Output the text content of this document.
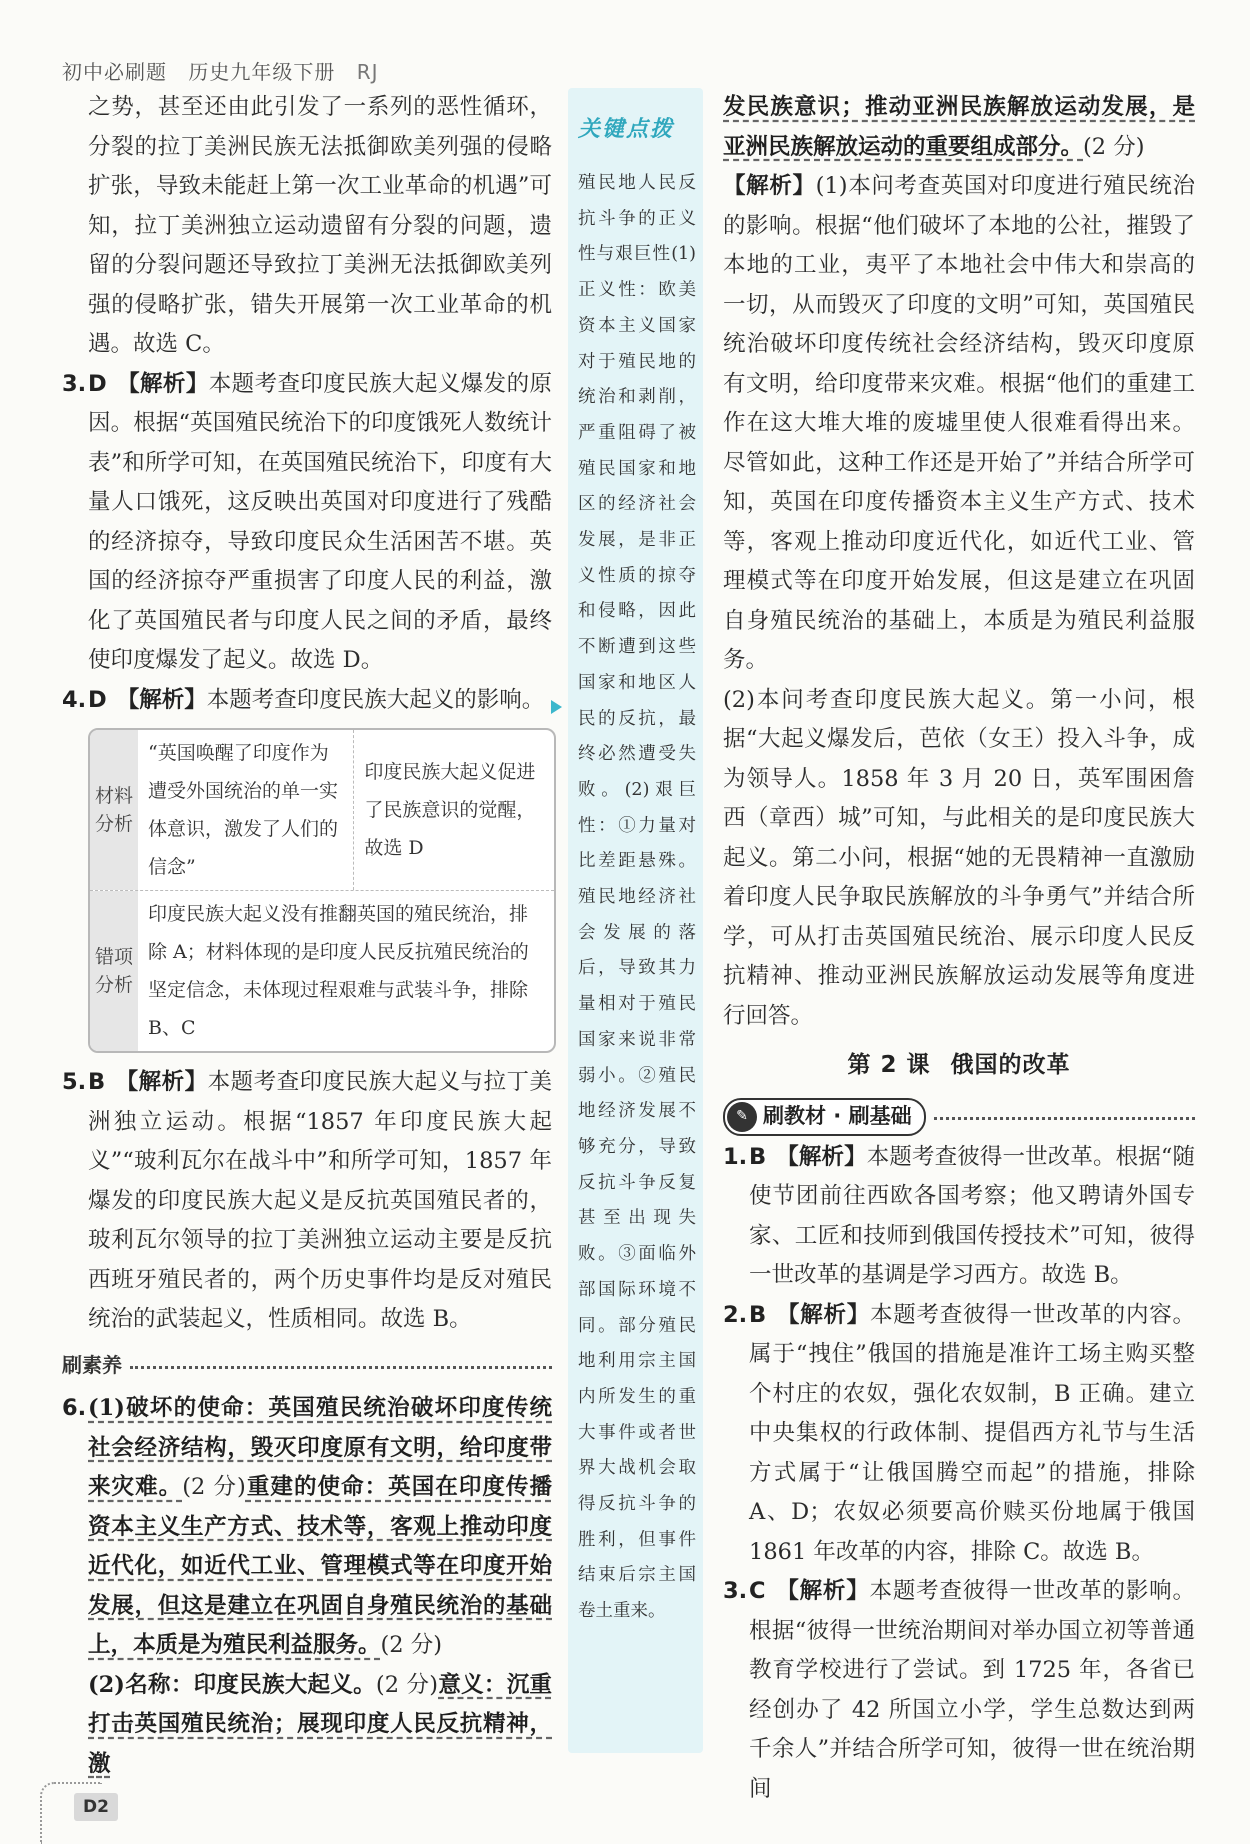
初中必刷题 历史九年级下册 RJ

之势，甚至还由此引发了一系列的恶性循环，分裂的拉丁美洲民族无法抵御欧美列强的侵略扩张，导致未能赶上第一次工业革命的机遇”可知，拉丁美洲独立运动遗留有分裂的问题，遗留的分裂问题还导致拉丁美洲无法抵御欧美列强的侵略扩张，错失开展第一次工业革命的机遇。故选 C。

3.D 【解析】本题考查印度民族大起义爆发的原因。根据“英国殖民统治下的印度饿死人数统计表”和所学可知，在英国殖民统治下，印度有大量人口饿死，这反映出英国对印度进行了残酷的经济掠夺，导致印度民众生活困苦不堪。英国的经济掠夺严重损害了印度人民的利益，激化了英国殖民者与印度人民之间的矛盾，最终使印度爆发了起义。故选 D。

4.D 【解析】本题考查印度民族大起义的影响。

材料分析
“英国唤醒了印度作为遭受外国统治的单一实体意识，激发了人们的信念”
印度民族大起义促进了民族意识的觉醒，故选 D
错项分析
印度民族大起义没有推翻英国的殖民统治，排除 A；材料体现的是印度人民反抗殖民统治的坚定信念，未体现过程艰难与武装斗争，排除 B、C

5.B 【解析】本题考查印度民族大起义与拉丁美洲独立运动。根据“1857 年印度民族大起义”“玻利瓦尔在战斗中”和所学可知，1857 年爆发的印度民族大起义是反抗英国殖民者的，玻利瓦尔领导的拉丁美洲独立运动主要是反抗西班牙殖民者的，两个历史事件均是反对殖民统治的武装起义，性质相同。故选 B。

刷素养

6.(1)破坏的使命：英国殖民统治破坏印度传统社会经济结构，毁灭印度原有文明，给印度带来灾难。(2 分)重建的使命：英国在印度传播资本主义生产方式、技术等，客观上推动印度近代化，如近代工业、管理模式等在印度开始发展，但这是建立在巩固自身殖民统治的基础上，本质是为殖民利益服务。(2 分)
(2)名称：印度民族大起义。(2 分)意义：沉重打击英国殖民统治；展现印度人民反抗精神，激

关键点拨
殖民地人民反抗斗争的正义性与艰巨性(1)正义性：欧美资本主义国家对于殖民地的统治和剥削，严重阻碍了被殖民国家和地区的经济社会发展，是非正义性质的掠夺和侵略，因此不断遭到这些国家和地区人民的反抗，最终必然遭受失败。(2)艰巨性：①力量对比差距悬殊。殖民地经济社会发展的落后，导致其力量相对于殖民国家来说非常弱小。②殖民地经济发展不够充分，导致反抗斗争反复甚至出现失败。③面临外部国际环境不同。部分殖民地利用宗主国内所发生的重大事件或者世界大战机会取得反抗斗争的胜利，但事件结束后宗主国卷土重来。

发民族意识；推动亚洲民族解放运动发展，是亚洲民族解放运动的重要组成部分。(2 分)

【解析】(1)本问考查英国对印度进行殖民统治的影响。根据“他们破坏了本地的公社，摧毁了本地的工业，夷平了本地社会中伟大和崇高的一切，从而毁灭了印度的文明”可知，英国殖民统治破坏印度传统社会经济结构，毁灭印度原有文明，给印度带来灾难。根据“他们的重建工作在这大堆大堆的废墟里使人很难看得出来。尽管如此，这种工作还是开始了”并结合所学可知，英国在印度传播资本主义生产方式、技术等，客观上推动印度近代化，如近代工业、管理模式等在印度开始发展，但这是建立在巩固自身殖民统治的基础上，本质是为殖民利益服务。

(2)本问考查印度民族大起义。第一小问，根据“大起义爆发后，芭依（女王）投入斗争，成为领导人。1858 年 3 月 20 日，英军围困詹西（章西）城”可知，与此相关的是印度民族大起义。第二小问，根据“她的无畏精神一直激励着印度人民争取民族解放的斗争勇气”并结合所学，可从打击英国殖民统治、展示印度人民反抗精神、推动亚洲民族解放运动发展等角度进行回答。

第 2 课 俄国的改革
✎ 刷教材 · 刷基础

1.B 【解析】本题考查彼得一世改革。根据“随使节团前往西欧各国考察；他又聘请外国专家、工匠和技师到俄国传授技术”可知，彼得一世改革的基调是学习西方。故选 B。

2.B 【解析】本题考查彼得一世改革的内容。属于“拽住”俄国的措施是准许工场主购买整个村庄的农奴，强化农奴制，B 正确。建立中央集权的行政体制、提倡西方礼节与生活方式属于“让俄国腾空而起”的措施，排除 A、D；农奴必须要高价赎买份地属于俄国 1861 年改革的内容，排除 C。故选 B。

3.C 【解析】本题考查彼得一世改革的影响。根据“彼得一世统治期间对举办国立初等普通教育学校进行了尝试。到 1725 年，各省已经创办了 42 所国立小学，学生总数达到两千余人”并结合所学可知，彼得一世在统治期间

D2
